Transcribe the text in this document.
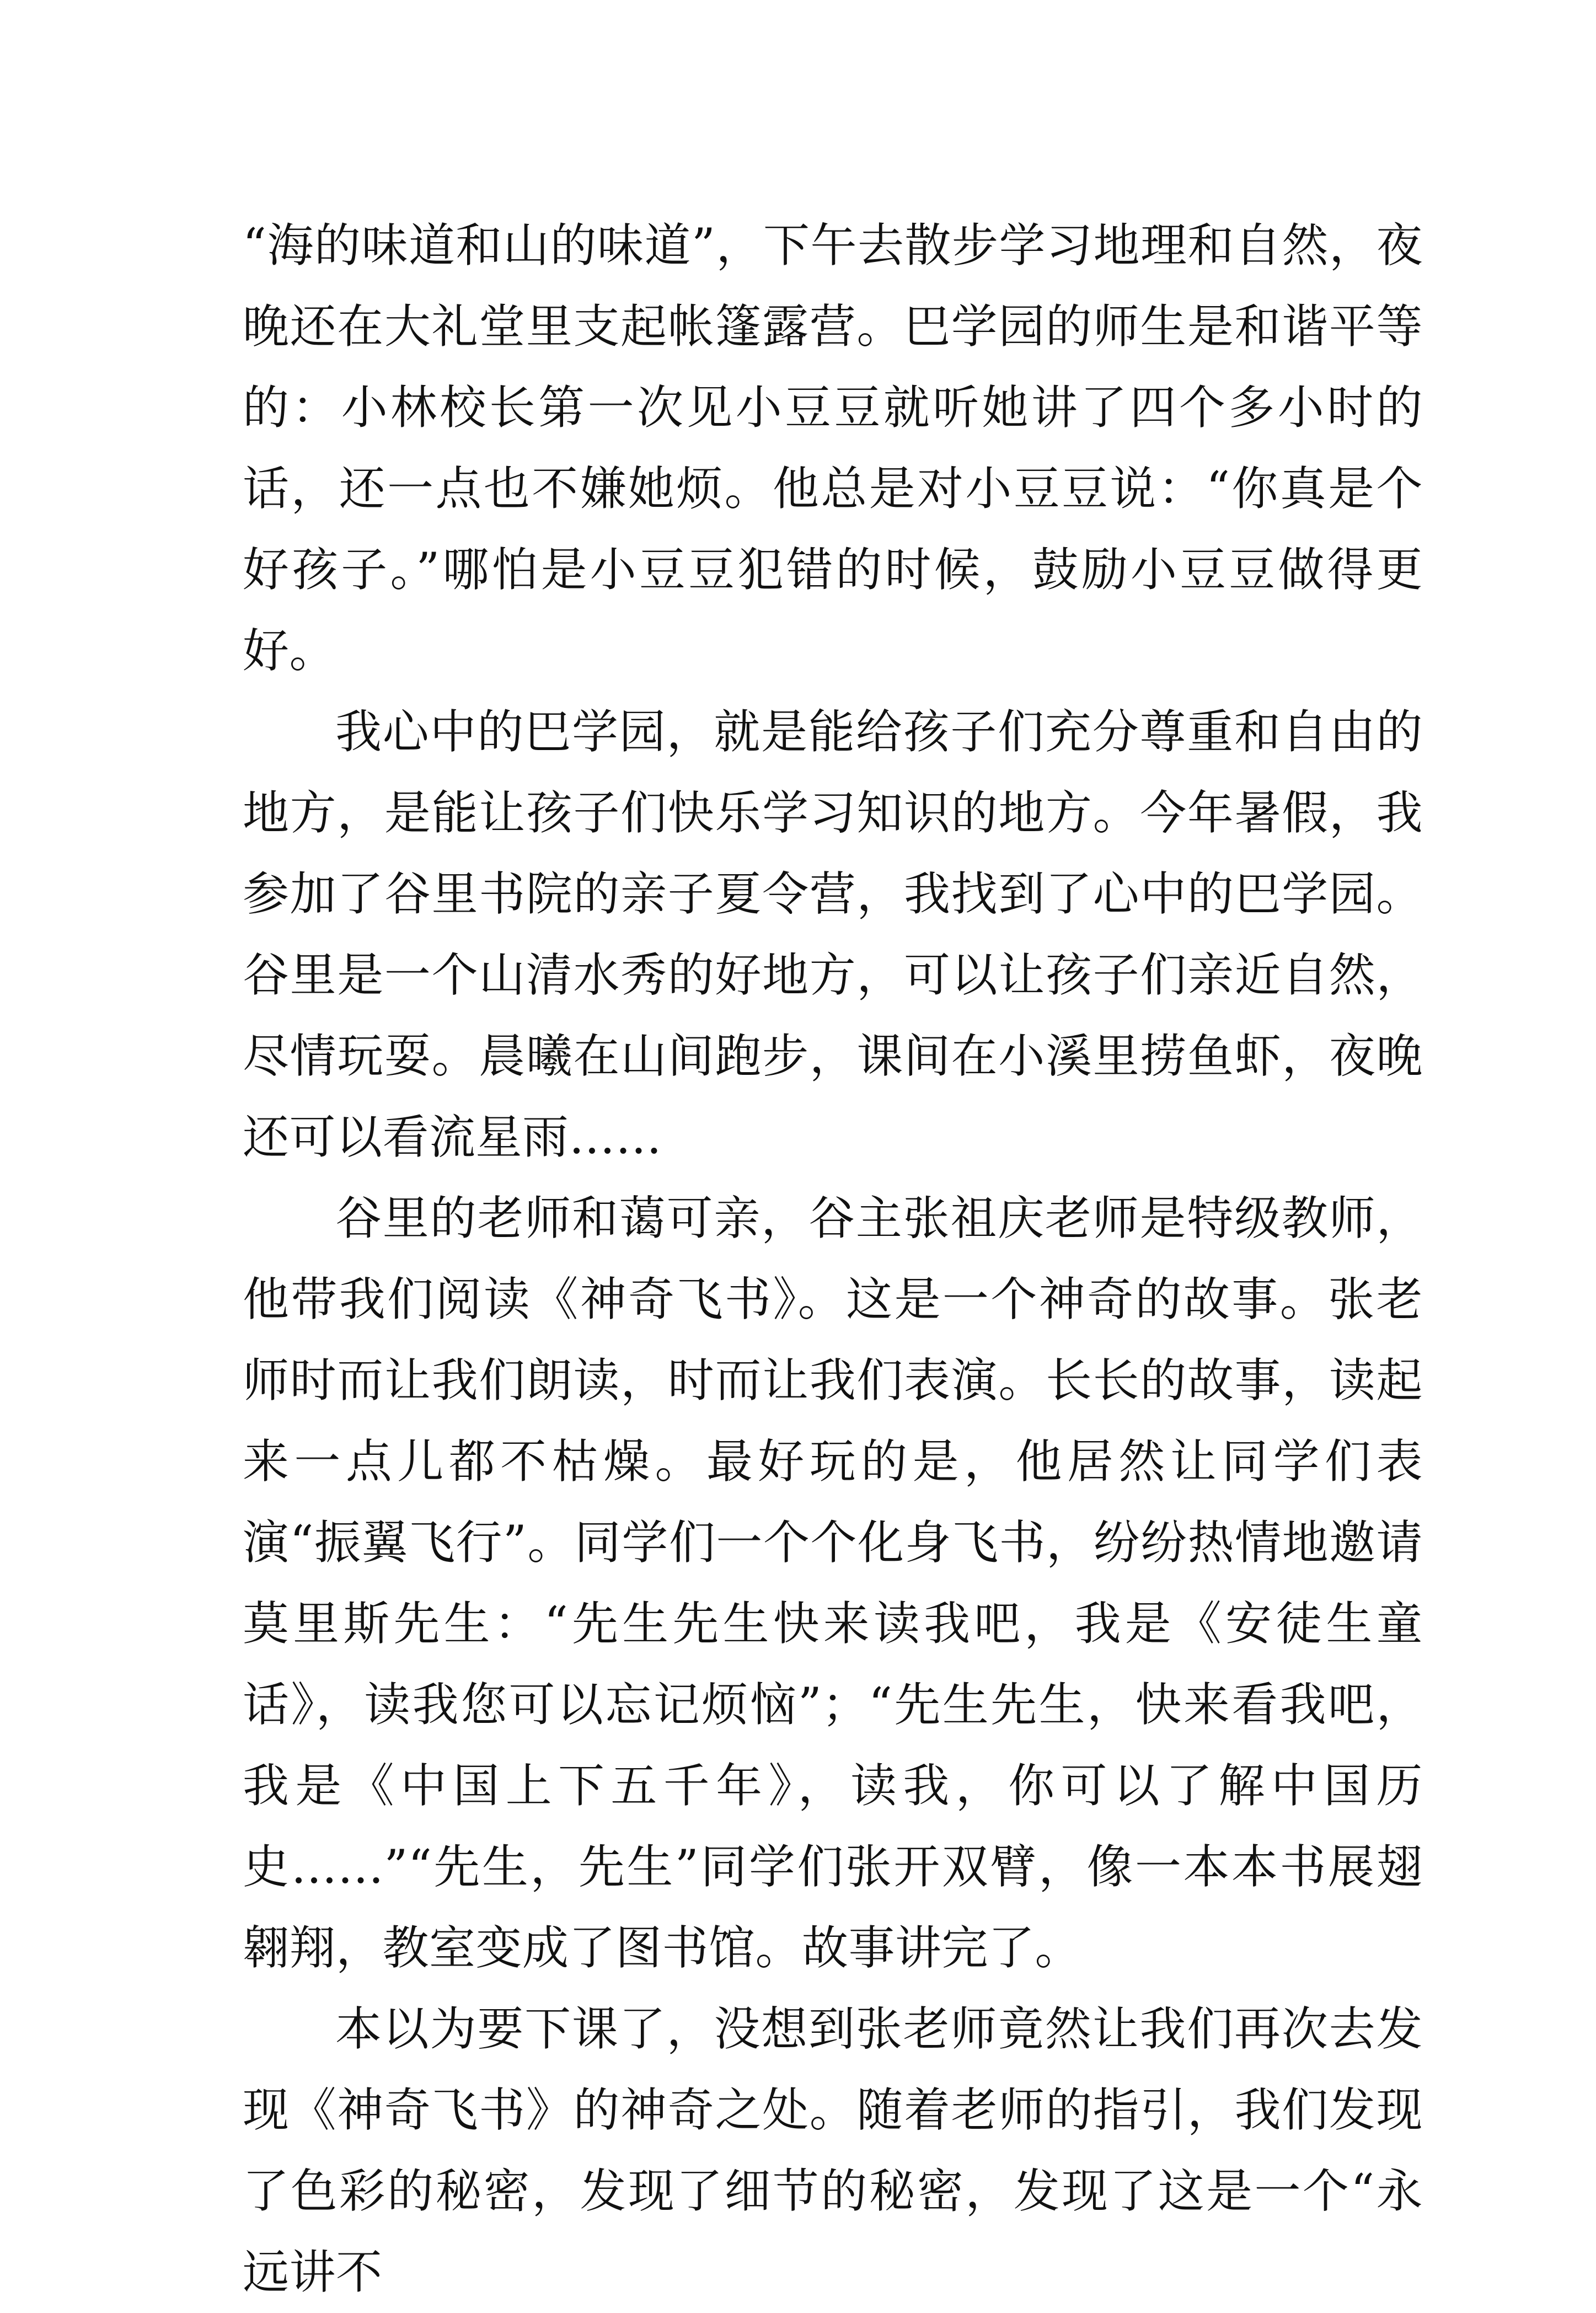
“海的味道和山的味道”，下午去散步学习地理和自然，夜晚还在大礼堂里支起帐篷露营。巴学园的师生是和谐平等的：小林校长第一次见小豆豆就听她讲了四个多小时的话，还一点也不嫌她烦。他总是对小豆豆说：“你真是个好孩子。”哪怕是小豆豆犯错的时候，鼓励小豆豆做得更好。

我心中的巴学园，就是能给孩子们充分尊重和自由的地方，是能让孩子们快乐学习知识的地方。今年暑假，我参加了谷里书院的亲子夏令营，我找到了心中的巴学园。谷里是一个山清水秀的好地方，可以让孩子们亲近自然，尽情玩耍。晨曦在山间跑步，课间在小溪里捞鱼虾，夜晚还可以看流星雨……

谷里的老师和蔼可亲，谷主张祖庆老师是特级教师，他带我们阅读《神奇飞书》。这是一个神奇的故事。张老师时而让我们朗读，时而让我们表演。长长的故事，读起来一点儿都不枯燥。最好玩的是，他居然让同学们表演“振翼飞行”。同学们一个个化身飞书，纷纷热情地邀请莫里斯先生：“先生先生快来读我吧，我是《安徒生童话》，读我您可以忘记烦恼”；“先生先生，快来看我吧，我是《中国上下五千年》，读我，你可以了解中国历史……”“先生，先生”同学们张开双臂，像一本本书展翅翱翔，教室变成了图书馆。故事讲完了。

本以为要下课了，没想到张老师竟然让我们再次去发现《神奇飞书》的神奇之处。随着老师的指引，我们发现了色彩的秘密，发现了细节的秘密，发现了这是一个“永远讲不
